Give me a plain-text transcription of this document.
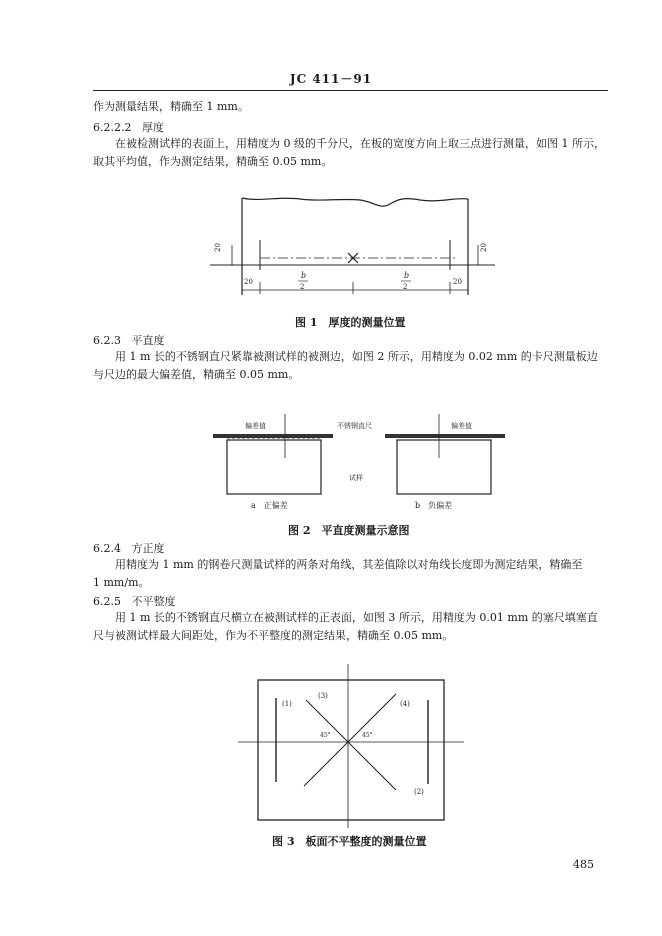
JC 411－91
作为测量结果，精确至 1 mm。
6.2.2.2 厚度
在被检测试样的表面上，用精度为 0 级的千分尺，在板的宽度方向上取三点进行测量，如图 1 所示，
取其平均值，作为测定结果，精确至 0.05 mm。
20	20
20	20
b
2
b
2
图 1　厚度的测量位置
6.2.3 平直度
用 1 m 长的不锈钢直尺紧靠被测试样的被测边，如图 2 所示，用精度为 0.02 mm 的卡尺测量板边
与尺边的最大偏差值，精确至 0.05 mm。
偏差值	偏差值
不锈钢直尺
试样
a　正偏差	b　负偏差
图 2　平直度测量示意图
6.2.4 方正度
用精度为 1 mm 的钢卷尺测量试样的两条对角线，其差值除以对角线长度即为测定结果，精确至
1 mm/m。
6.2.5 不平整度
用 1 m 长的不锈钢直尺横立在被测试样的正表面，如图 3 所示，用精度为 0.01 mm 的塞尺填塞直
尺与被测试样最大间距处，作为不平整度的测定结果，精确至 0.05 mm。
(1)
(2)
(3)
(4)
45°	45°
图 3　板面不平整度的测量位置
485
